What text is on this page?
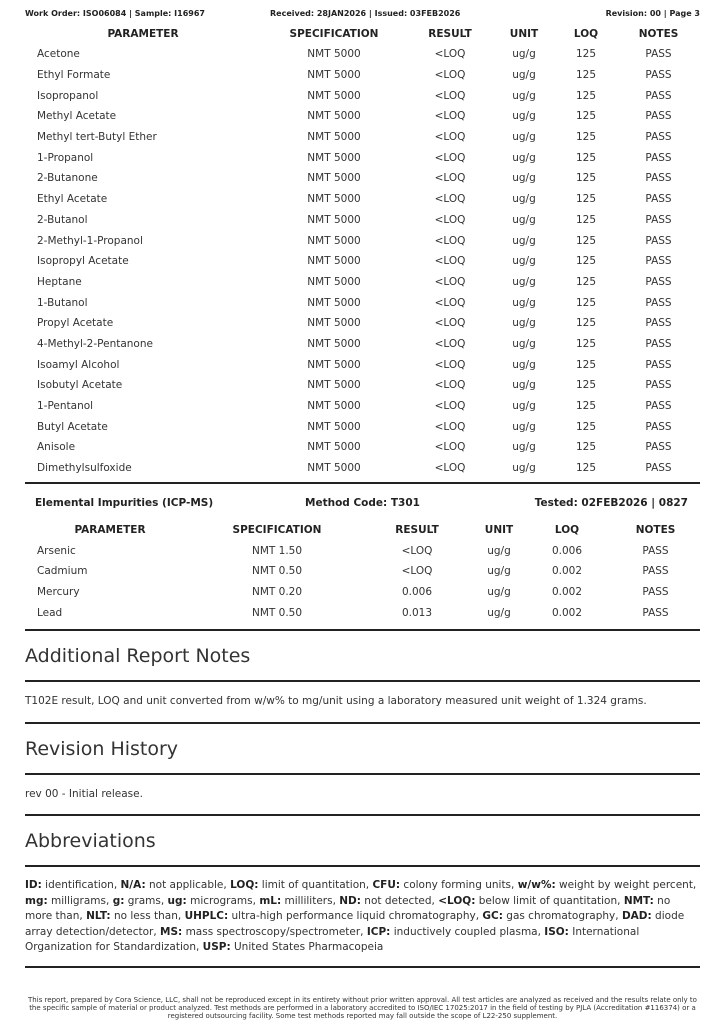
Work Order: ISO06084 | Sample: I16967	Received: 28JAN2026 | Issued: 03FEB2026	Revision: 00 | Page 3
PARAMETER	SPECIFICATION	RESULT	UNIT	LOQ	NOTES
Acetone	NMT 5000	<LOQ	ug/g	125	PASS
Ethyl Formate	NMT 5000	<LOQ	ug/g	125	PASS
Isopropanol	NMT 5000	<LOQ	ug/g	125	PASS
Methyl Acetate	NMT 5000	<LOQ	ug/g	125	PASS
Methyl tert-Butyl Ether	NMT 5000	<LOQ	ug/g	125	PASS
1-Propanol	NMT 5000	<LOQ	ug/g	125	PASS
2-Butanone	NMT 5000	<LOQ	ug/g	125	PASS
Ethyl Acetate	NMT 5000	<LOQ	ug/g	125	PASS
2-Butanol	NMT 5000	<LOQ	ug/g	125	PASS
2-Methyl-1-Propanol	NMT 5000	<LOQ	ug/g	125	PASS
Isopropyl Acetate	NMT 5000	<LOQ	ug/g	125	PASS
Heptane	NMT 5000	<LOQ	ug/g	125	PASS
1-Butanol	NMT 5000	<LOQ	ug/g	125	PASS
Propyl Acetate	NMT 5000	<LOQ	ug/g	125	PASS
4-Methyl-2-Pentanone	NMT 5000	<LOQ	ug/g	125	PASS
Isoamyl Alcohol	NMT 5000	<LOQ	ug/g	125	PASS
Isobutyl Acetate	NMT 5000	<LOQ	ug/g	125	PASS
1-Pentanol	NMT 5000	<LOQ	ug/g	125	PASS
Butyl Acetate	NMT 5000	<LOQ	ug/g	125	PASS
Anisole	NMT 5000	<LOQ	ug/g	125	PASS
Dimethylsulfoxide	NMT 5000	<LOQ	ug/g	125	PASS
Elemental Impurities (ICP-MS)	Method Code: T301	Tested: 02FEB2026 | 0827
PARAMETER	SPECIFICATION	RESULT	UNIT	LOQ	NOTES
Arsenic	NMT 1.50	<LOQ	ug/g	0.006	PASS
Cadmium	NMT 0.50	<LOQ	ug/g	0.002	PASS
Mercury	NMT 0.20	0.006	ug/g	0.002	PASS
Lead	NMT 0.50	0.013	ug/g	0.002	PASS
Additional Report Notes
T102E result, LOQ and unit converted from w/w% to mg/unit using a laboratory measured unit weight of 1.324 grams.
Revision History
rev 00 - Initial release.
Abbreviations
ID: identification, N/A: not applicable, LOQ: limit of quantitation, CFU: colony forming units, w/w%: weight by weight percent, mg: milligrams, g: grams, ug: micrograms, mL: milliliters, ND: not detected, <LOQ: below limit of quantitation, NMT: no more than, NLT: no less than, UHPLC: ultra-high performance liquid chromatography, GC: gas chromatography, DAD: diode array detection/detector, MS: mass spectroscopy/spectrometer, ICP: inductively coupled plasma, ISO: International Organization for Standardization, USP: United States Pharmacopeia
This report, prepared by Cora Science, LLC, shall not be reproduced except in its entirety without prior written approval. All test articles are analyzed as received and the results relate only to the specific sample of material or product analyzed. Test methods are performed in a laboratory accredited to ISO/IEC 17025:2017 in the field of testing by PJLA (Accreditation #116374) or a registered outsourcing facility. Some test methods reported may fall outside the scope of L22-250 supplement.
